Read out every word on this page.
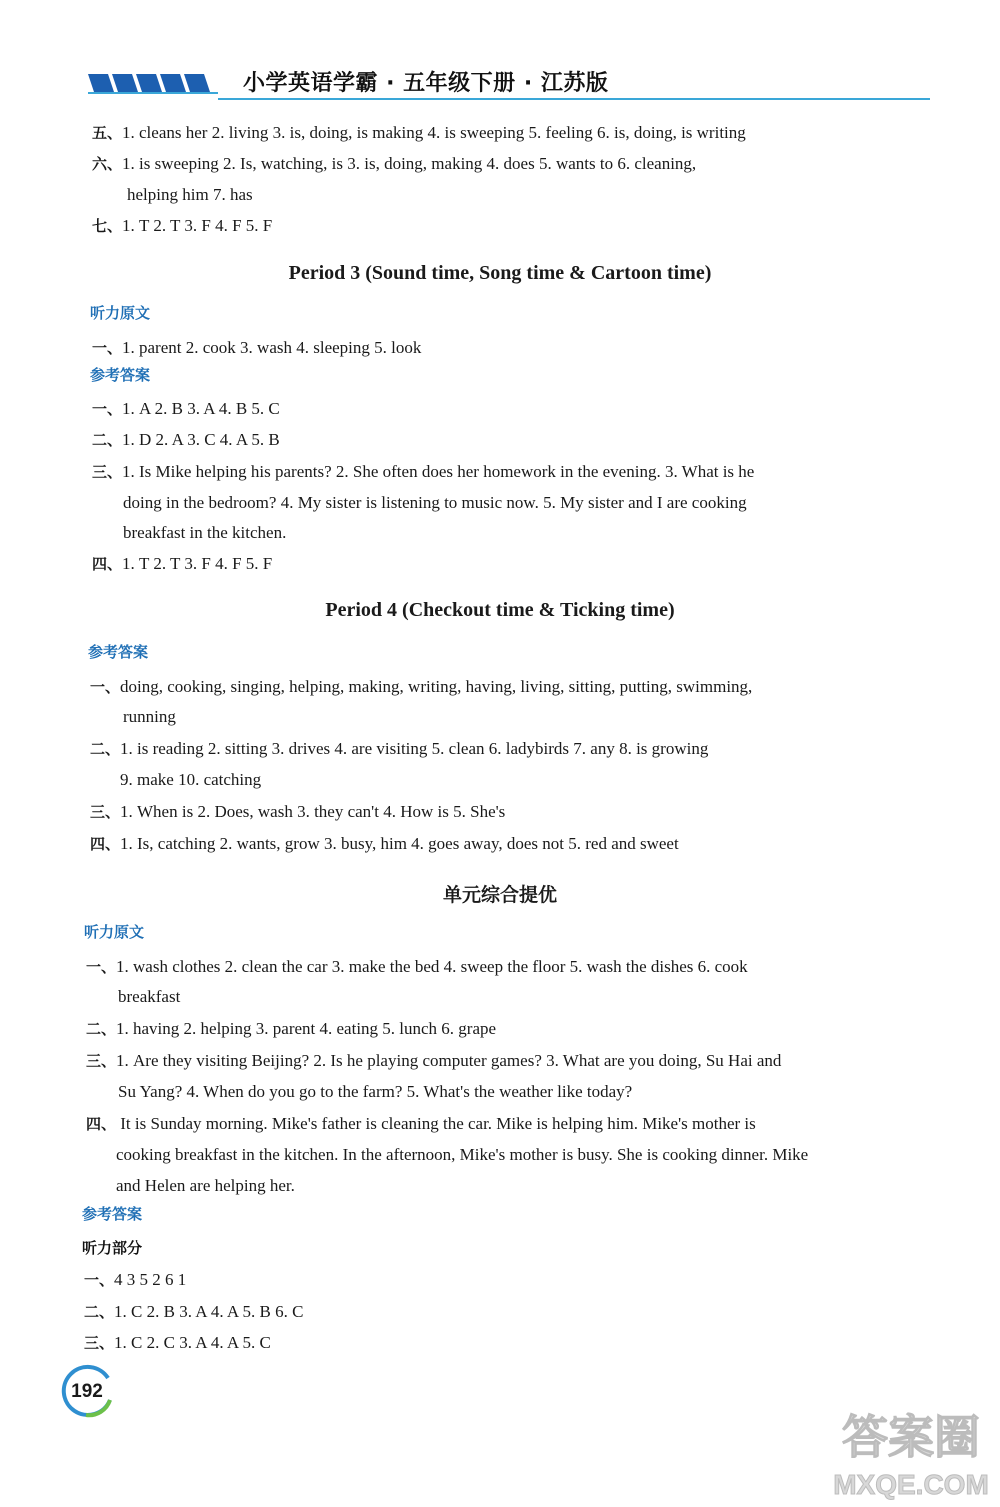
小学英语学霸 · 五年级下册 · 江苏版
五、1. cleans her 2. living 3. is, doing, is making 4. is sweeping 5. feeling 6. is, doing, is writing
六、1. is sweeping 2. Is, watching, is 3. is, doing, making 4. does 5. wants to 6. cleaning,
helping him 7. has
七、1. T 2. T 3. F 4. F 5. F
Period 3 (Sound time, Song time & Cartoon time)
听力原文
一、1. parent 2. cook 3. wash 4. sleeping 5. look
参考答案
一、1. A 2. B 3. A 4. B 5. C
二、1. D 2. A 3. C 4. A 5. B
三、1. Is Mike helping his parents? 2. She often does her homework in the evening. 3. What is he
doing in the bedroom? 4. My sister is listening to music now. 5. My sister and I are cooking
breakfast in the kitchen.
四、1. T 2. T 3. F 4. F 5. F
Period 4 (Checkout time & Ticking time)
参考答案
一、doing, cooking, singing, helping, making, writing, having, living, sitting, putting, swimming,
running
二、1. is reading 2. sitting 3. drives 4. are visiting 5. clean 6. ladybirds 7. any 8. is growing
9. make 10. catching
三、1. When is 2. Does, wash 3. they can't 4. How is 5. She's
四、1. Is, catching 2. wants, grow 3. busy, him 4. goes away, does not 5. red and sweet
单元综合提优
听力原文
一、1. wash clothes 2. clean the car 3. make the bed 4. sweep the floor 5. wash the dishes 6. cook
breakfast
二、1. having 2. helping 3. parent 4. eating 5. lunch 6. grape
三、1. Are they visiting Beijing? 2. Is he playing computer games? 3. What are you doing, Su Hai and
Su Yang? 4. When do you go to the farm? 5. What's the weather like today?
四、 It is Sunday morning. Mike's father is cleaning the car. Mike is helping him. Mike's mother is
cooking breakfast in the kitchen. In the afternoon, Mike's mother is busy. She is cooking dinner. Mike
and Helen are helping her.
参考答案
听力部分
一、4 3 5 2 6 1
二、1. C 2. B 3. A 4. A 5. B 6. C
三、1. C 2. C 3. A 4. A 5. C
192
答案圈
MXQE.COM
